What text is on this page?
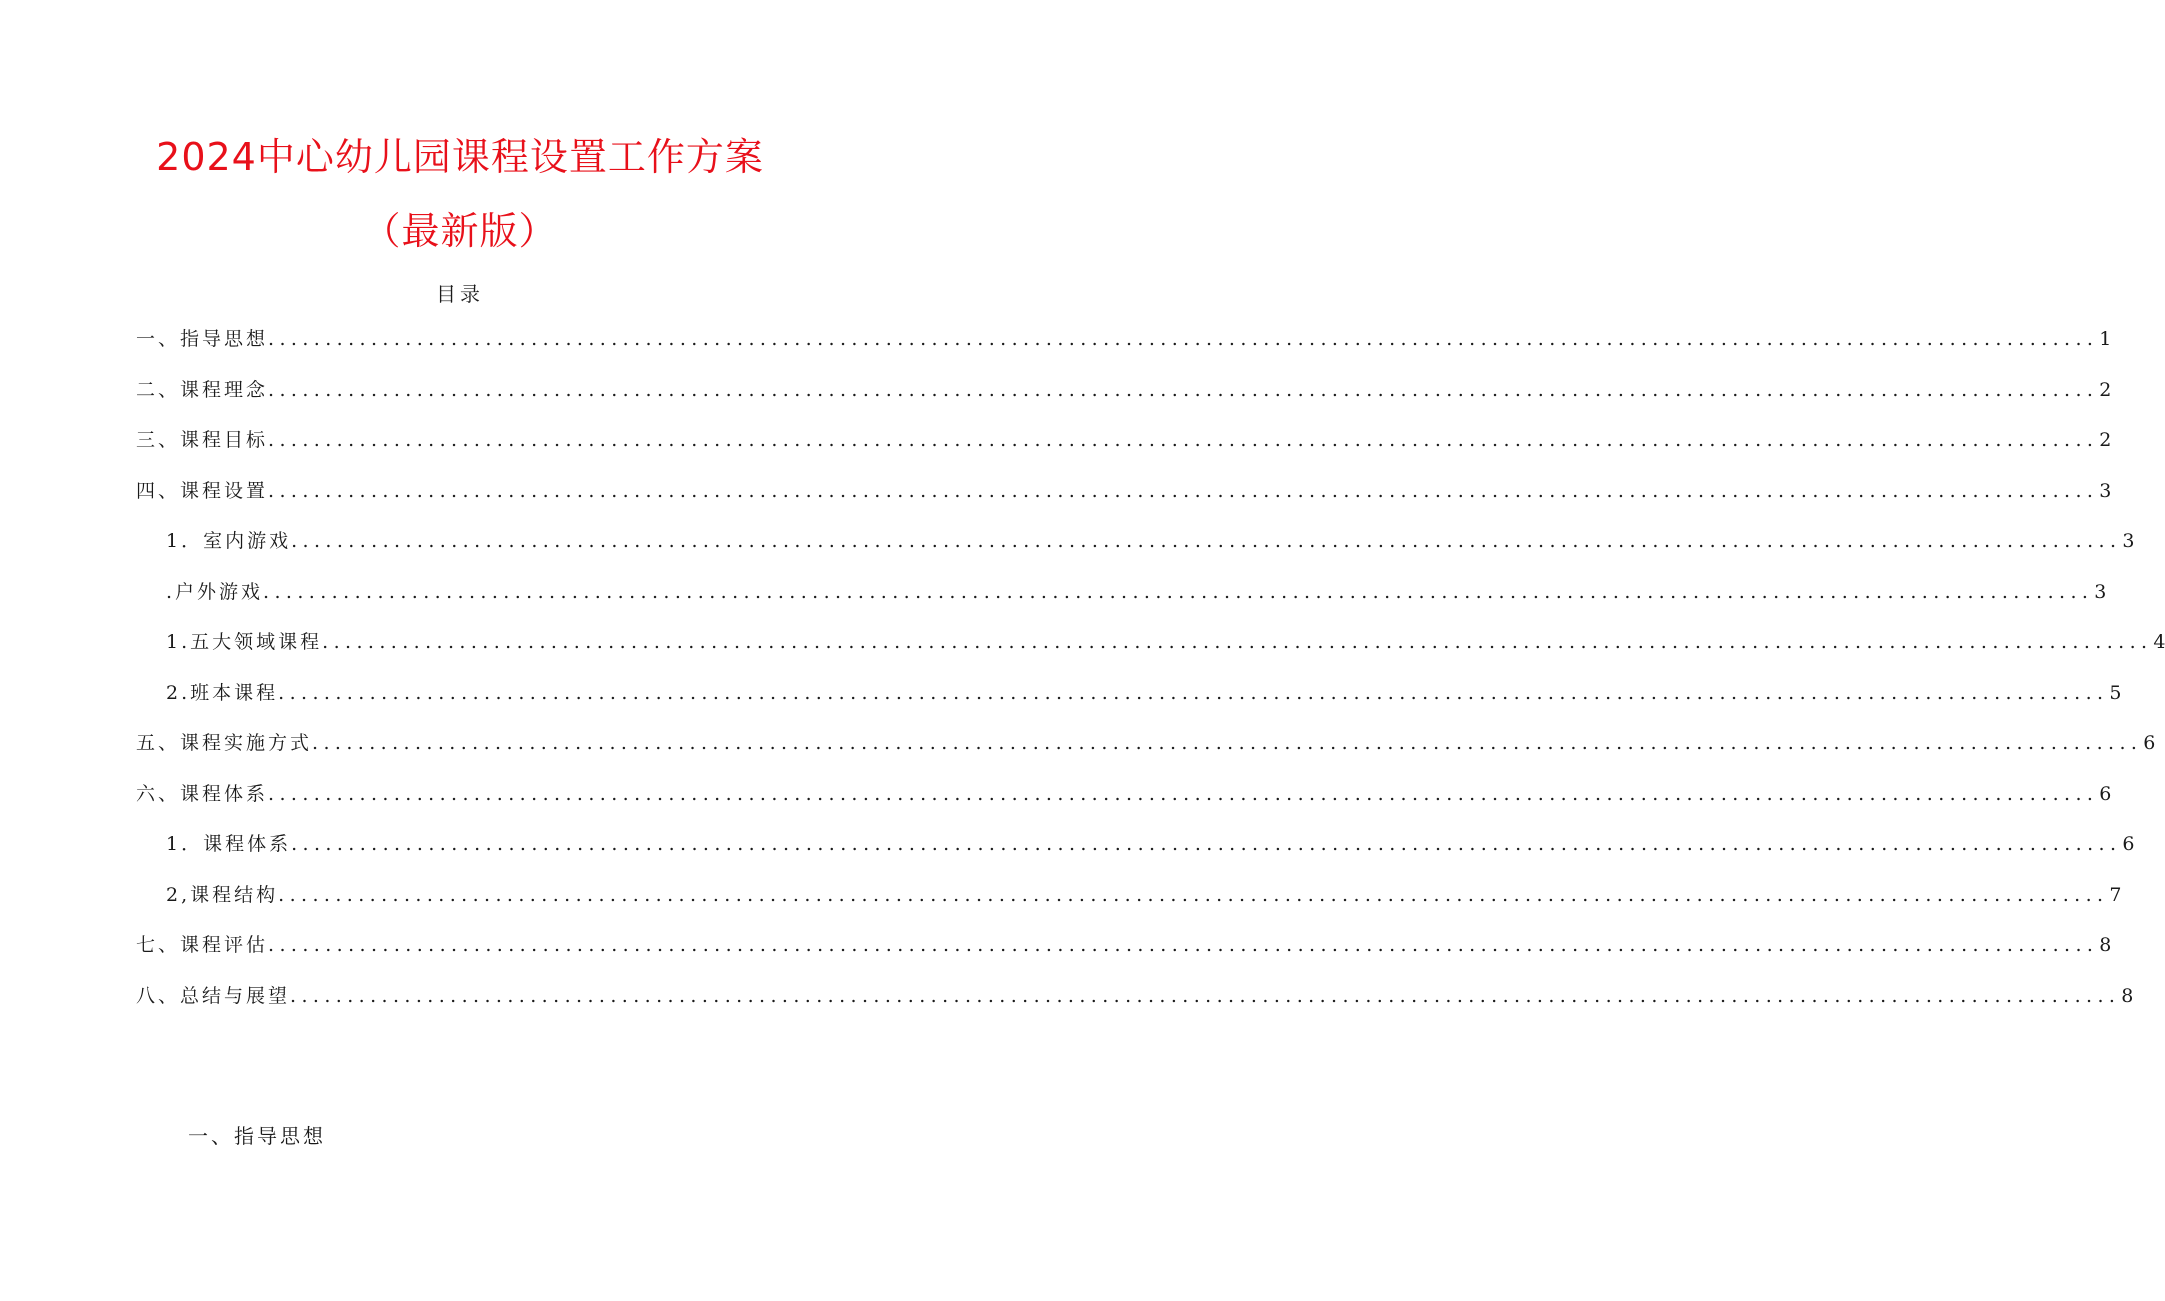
2024中心幼儿园课程设置工作方案
（最新版）
目录
一、指导思想 ................................................................................................................................................................ 1
二、课程理念 ................................................................................................................................................................ 2
三、课程目标 ................................................................................................................................................................ 2
四、课程设置 ................................................................................................................................................................ 3
1．室内游戏 ................................................................................................................................................................ 3
.户外游戏 ................................................................................................................................................................ 3
1.五大领域课程 ................................................................................................................................................................ 4
2.班本课程 ................................................................................................................................................................ 5
五、课程实施方式 ................................................................................................................................................................ 6
六、课程体系 ................................................................................................................................................................ 6
1．课程体系 ................................................................................................................................................................ 6
2,课程结构 ................................................................................................................................................................ 7
七、课程评估 ................................................................................................................................................................ 8
八、总结与展望 ................................................................................................................................................................ 8
一、指导思想
